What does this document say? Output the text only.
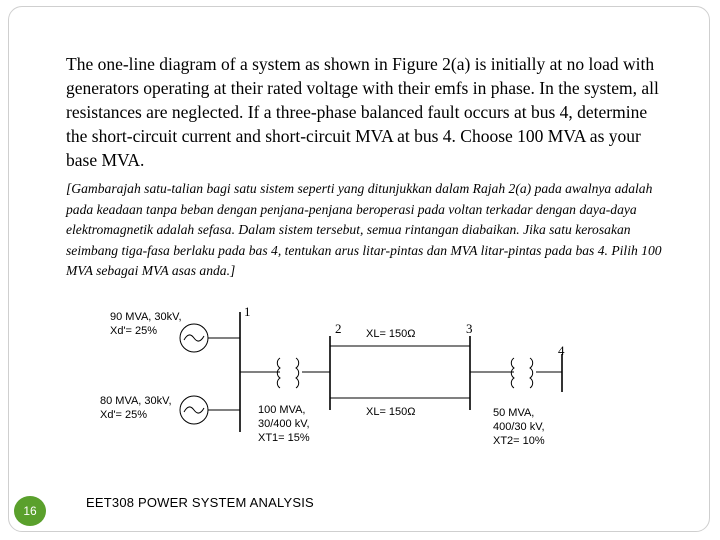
The one-line diagram of a system as shown in Figure 2(a) is initially at no load with generators operating at their rated voltage with their emfs in phase. In the system, all resistances are neglected. If a three-phase balanced fault occurs at bus 4, determine the short-circuit current and short-circuit MVA at bus 4. Choose 100 MVA as your base MVA.
[Gambarajah satu-talian bagi satu sistem seperti yang ditunjukkan dalam Rajah 2(a) pada awalnya adalah pada keadaan tanpa beban dengan penjana-penjana beroperasi pada voltan terkadar dengan daya-daya elektromagnetik adalah sefasa. Dalam sistem tersebut, semua rintangan diabaikan. Jika satu kerosakan seimbang tiga-fasa berlaku pada bas 4, tentukan arus litar-pintas dan MVA litar-pintas pada bas 4. Pilih 100 MVA sebagai MVA asas anda.]
90 MVA, 30kV,
Xd'= 25%
80 MVA, 30kV,
Xd'= 25%	100 MVA,
30/400 kV,
XT1= 15%
50 MVA,
400/30 kV,
XT2= 10%
XL= 150Ω
XL= 150Ω
1
2	3
4
16
EET308 POWER SYSTEM ANALYSIS
